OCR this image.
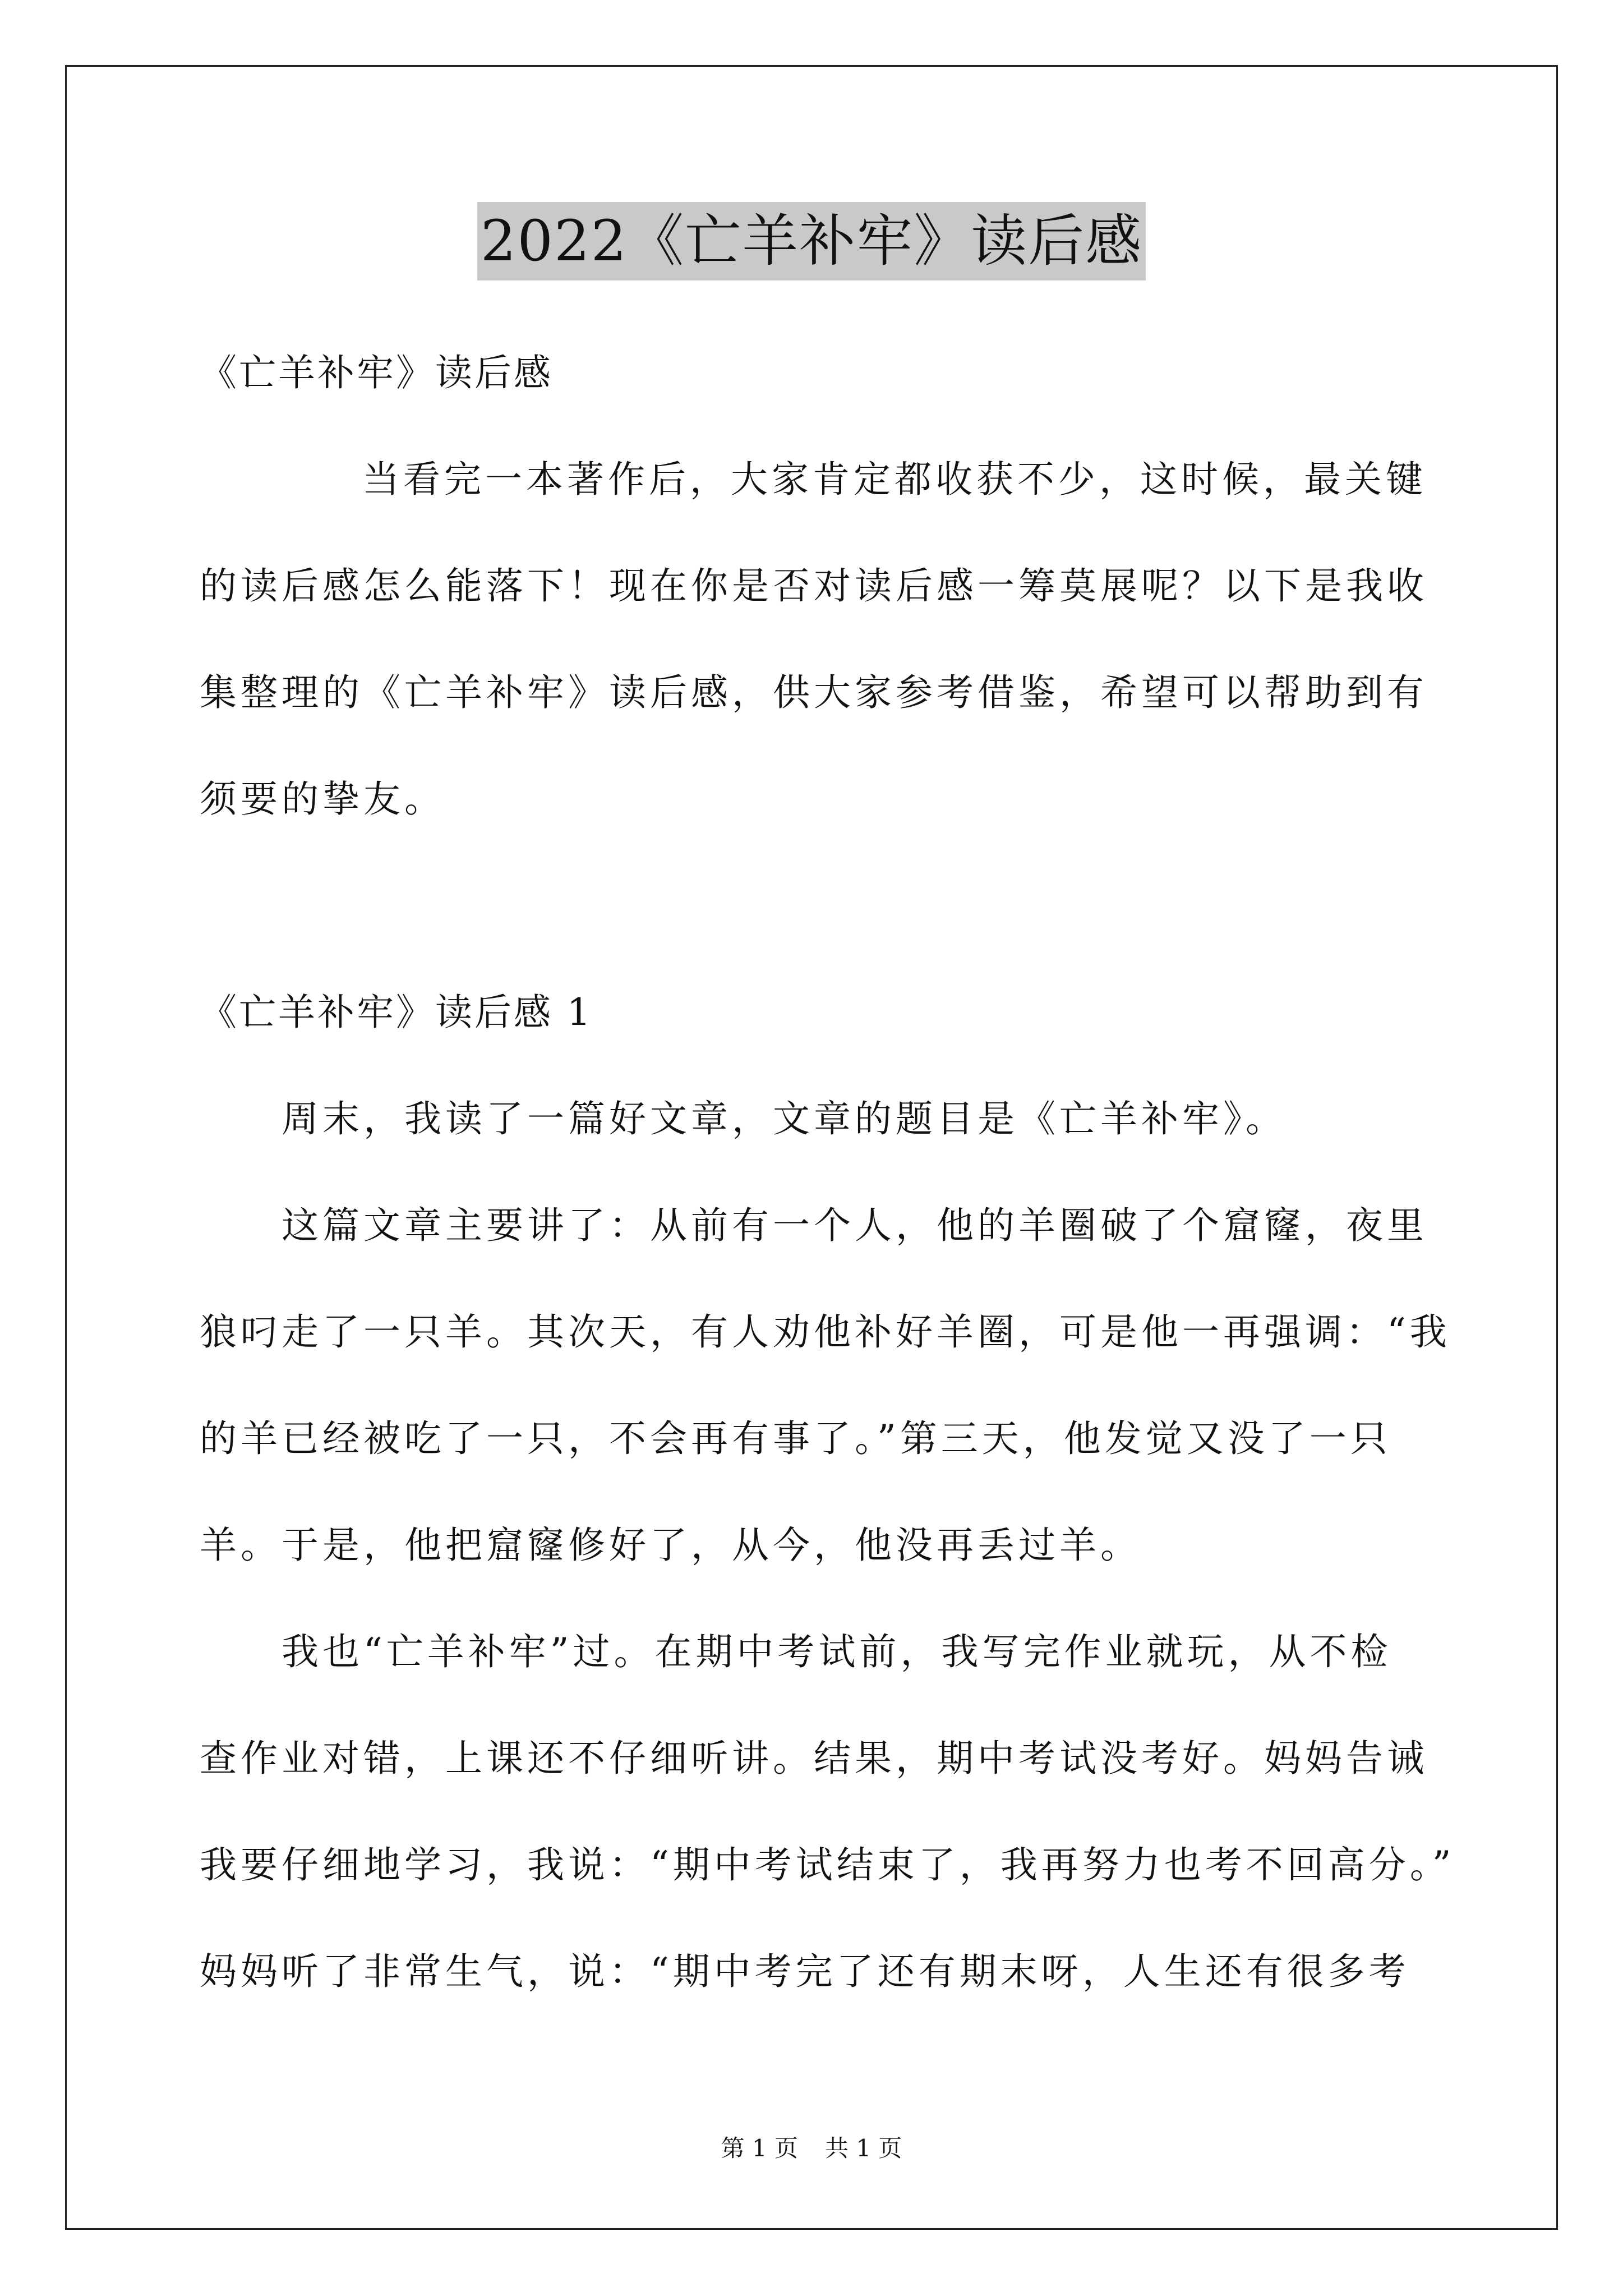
2022《亡羊补牢》读后感
《亡羊补牢》读后感
当看完一本著作后，大家肯定都收获不少，这时候，最关键
的读后感怎么能落下！现在你是否对读后感一筹莫展呢？以下是我收
集整理的《亡羊补牢》读后感，供大家参考借鉴，希望可以帮助到有
须要的挚友。
《亡羊补牢》读后感 1
周末，我读了一篇好文章，文章的题目是《亡羊补牢》。
这篇文章主要讲了：从前有一个人，他的羊圈破了个窟窿，夜里
狼叼走了一只羊。其次天，有人劝他补好羊圈，可是他一再强调：“我
的羊已经被吃了一只，不会再有事了。”第三天，他发觉又没了一只
羊。于是，他把窟窿修好了，从今，他没再丢过羊。
我也“亡羊补牢”过。在期中考试前，我写完作业就玩，从不检
查作业对错，上课还不仔细听讲。结果，期中考试没考好。妈妈告诫
我要仔细地学习，我说：“期中考试结束了，我再努力也考不回高分。”
妈妈听了非常生气，说：“期中考完了还有期末呀，人生还有很多考
第 1 页 共 1 页
